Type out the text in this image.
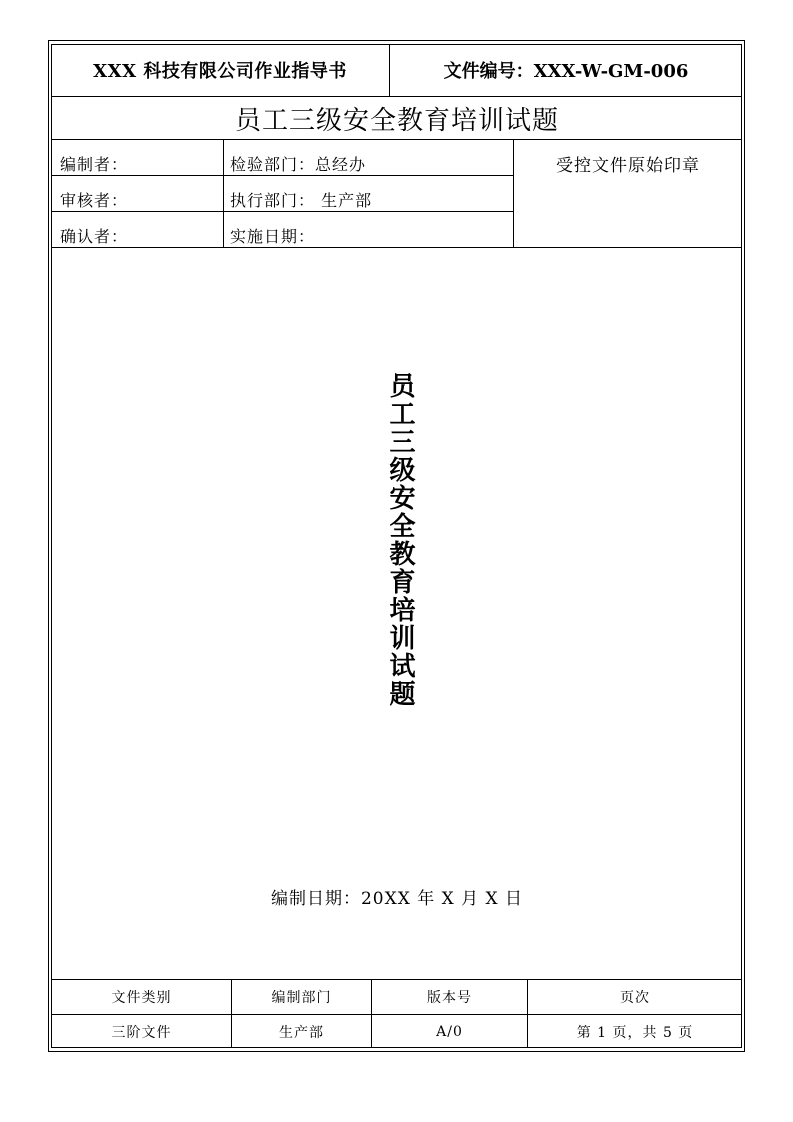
XXX 科技有限公司作业指导书	文件编号：XXX-W-GM-006
员工三级安全教育培训试题
编制者：	检验部门：总经办
审核者：	执行部门： 生产部
确认者：	实施日期：
受控文件原始印章
员工三级安全教育培训试题
编制日期：20XX 年 X 月 X 日
文件类别	编制部门	版本号	页次
三阶文件	生产部	A/0	第 1 页，共 5 页
